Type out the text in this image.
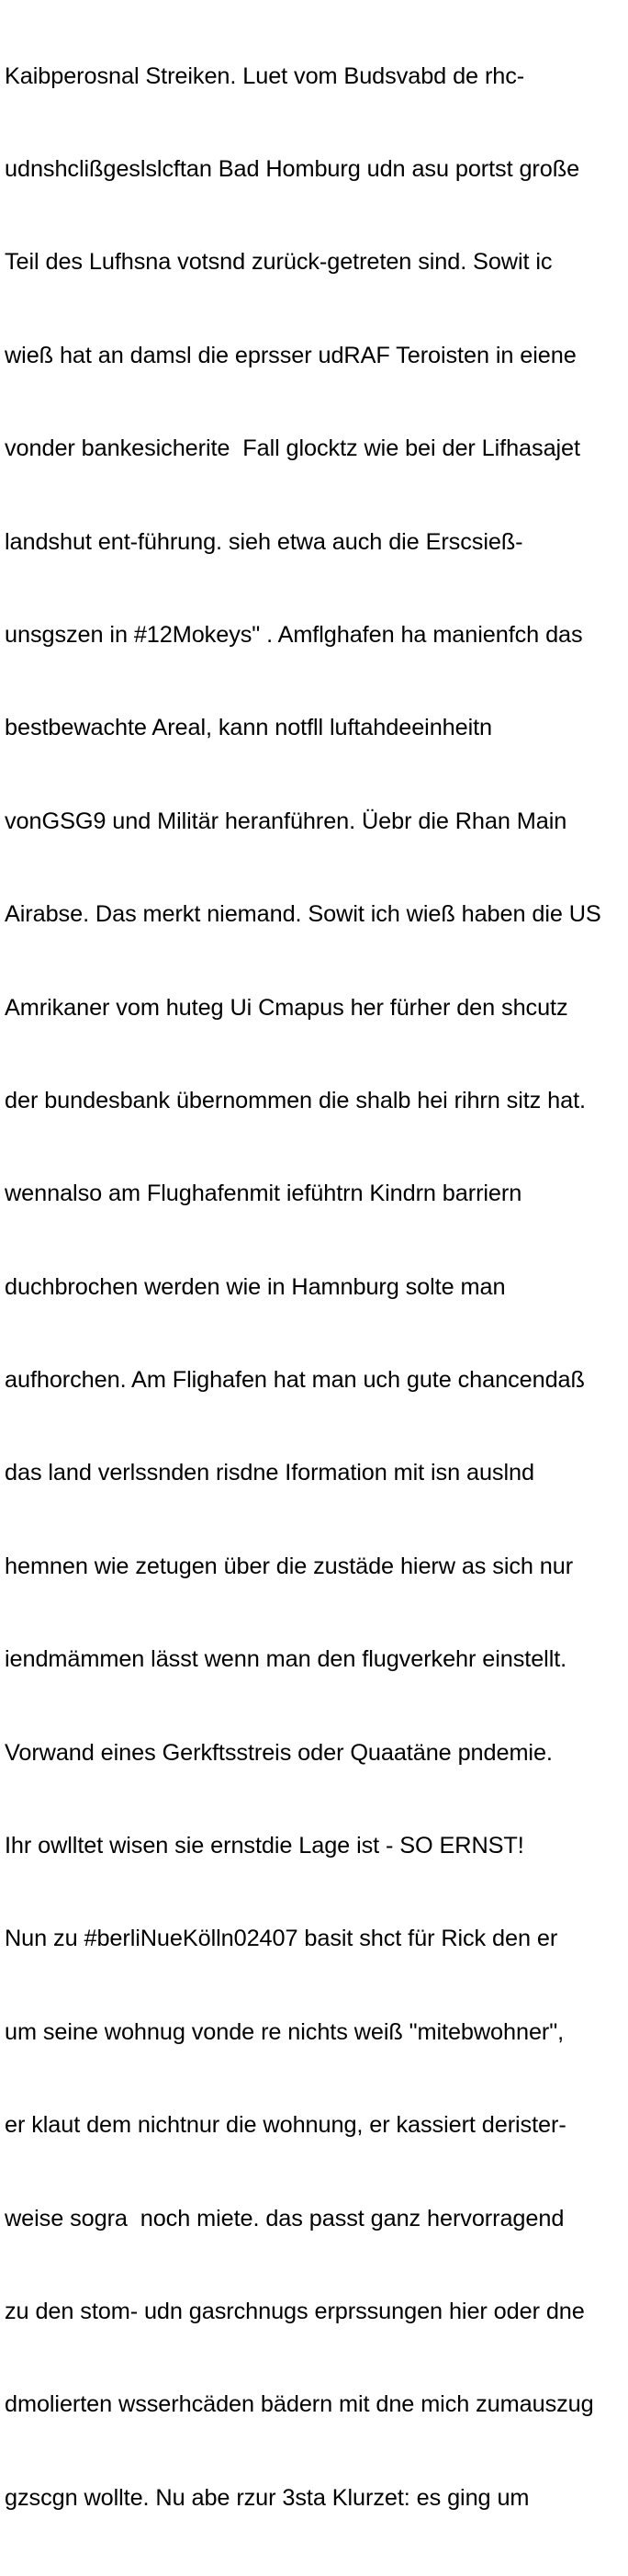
Kaibperosnal Streiken. Luet vom Budsvabd de rhc-

udnshclißgeslslcftan Bad Homburg udn asu portst große

Teil des Lufhsna votsnd zurück-getreten sind. Sowit ic

wieß hat an damsl die eprsser udRAF Teroisten in eiene

vonder bankesicherite  Fall glocktz wie bei der Lifhasajet

landshut ent-führung. sieh etwa auch die Erscsieß-

unsgszen in #12Mokeys" . Amflghafen ha manienfch das

bestbewachte Areal, kann notfll luftahdeeinheitn

vonGSG9 und Militär heranführen. Üebr die Rhan Main

Airabse. Das merkt niemand. Sowit ich wieß haben die US

Amrikaner vom huteg Ui Cmapus her fürher den shcutz

der bundesbank übernommen die shalb hei rihrn sitz hat.

wennalso am Flughafenmit iefühtrn Kindrn barriern

duchbrochen werden wie in Hamnburg solte man

aufhorchen. Am Flighafen hat man uch gute chancendaß

das land verlssnden risdne Iformation mit isn auslnd

hemnen wie zetugen über die zustäde hierw as sich nur

iendmämmen lässt wenn man den flugverkehr einstellt.

Vorwand eines Gerkftsstreis oder Quaatäne pndemie.

Ihr owlltet wisen sie ernstdie Lage ist - SO ERNST!

Nun zu #berliNueKölln02407 basit shct für Rick den er

um seine wohnug vonde re nichts weiß "mitebwohner",

er klaut dem nichtnur die wohnung, er kassiert derister-

weise sogra  noch miete. das passt ganz hervorragend

zu den stom- udn gasrchnugs erprssungen hier oder dne

dmolierten wsserhcäden bädern mit dne mich zumauszug

gzscgn wollte. Nu abe rzur 3sta Klurzet: es ging um
